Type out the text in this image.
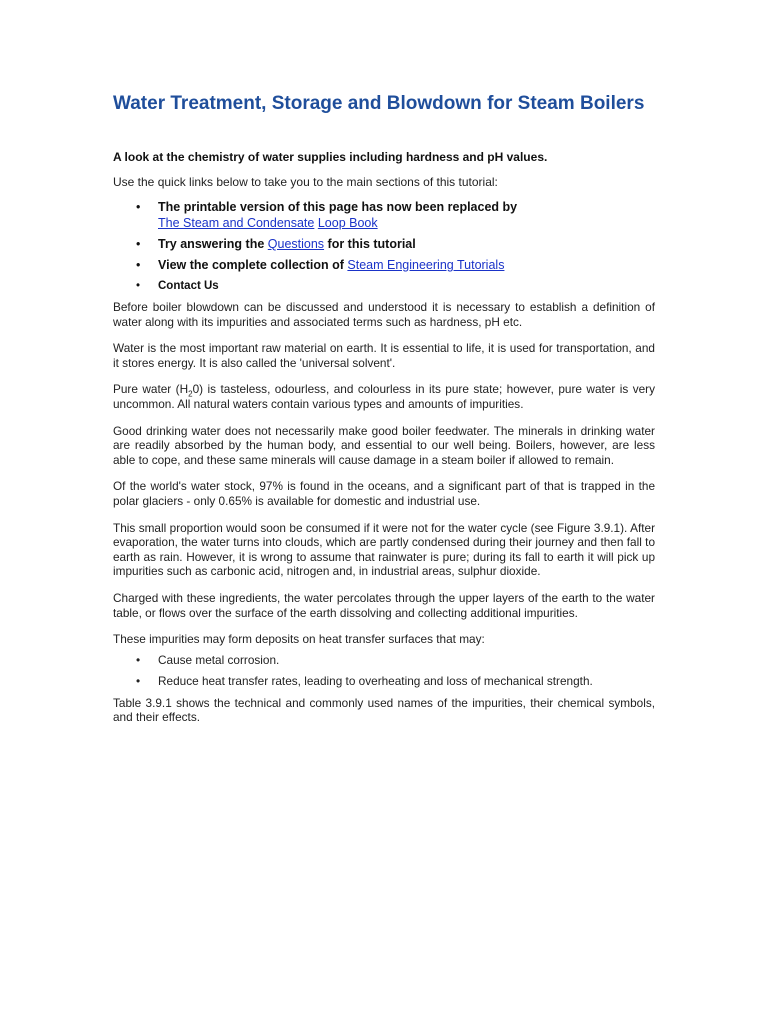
Water Treatment, Storage and Blowdown for Steam Boilers

A look at the chemistry of water supplies including hardness and pH values.

Use the quick links below to take you to the main sections of this tutorial:

• The printable version of this page has now been replaced by
The Steam and Condensate Loop Book
• Try answering the Questions for this tutorial
• View the complete collection of Steam Engineering Tutorials
• Contact Us

Before boiler blowdown can be discussed and understood it is necessary to establish a definition of water along with its impurities and associated terms such as hardness, pH etc.

Water is the most important raw material on earth. It is essential to life, it is used for transportation, and it stores energy. It is also called the 'universal solvent'.

Pure water $(H_20)$ is tasteless, odourless, and colourless in its pure state; however, pure water is very uncommon. All natural waters contain various types and amounts of impurities.

Good drinking water does not necessarily make good boiler feedwater. The minerals in drinking water are readily absorbed by the human body, and essential to our well being. Boilers, however, are less able to cope, and these same minerals will cause damage in a steam boiler if allowed to remain.

Of the world's water stock, 97% is found in the oceans, and a significant part of that is trapped in the polar glaciers - only 0.65% is available for domestic and industrial use.

This small proportion would soon be consumed if it were not for the water cycle (see Figure 3.9.1). After evaporation, the water turns into clouds, which are partly condensed during their journey and then fall to earth as rain. However, it is wrong to assume that rainwater is pure; during its fall to earth it will pick up impurities such as carbonic acid, nitrogen and, in industrial areas, sulphur dioxide.

Charged with these ingredients, the water percolates through the upper layers of the earth to the water table, or flows over the surface of the earth dissolving and collecting additional impurities.

These impurities may form deposits on heat transfer surfaces that may:

• Cause metal corrosion.
• Reduce heat transfer rates, leading to overheating and loss of mechanical strength.

Table 3.9.1 shows the technical and commonly used names of the impurities, their chemical symbols, and their effects.
